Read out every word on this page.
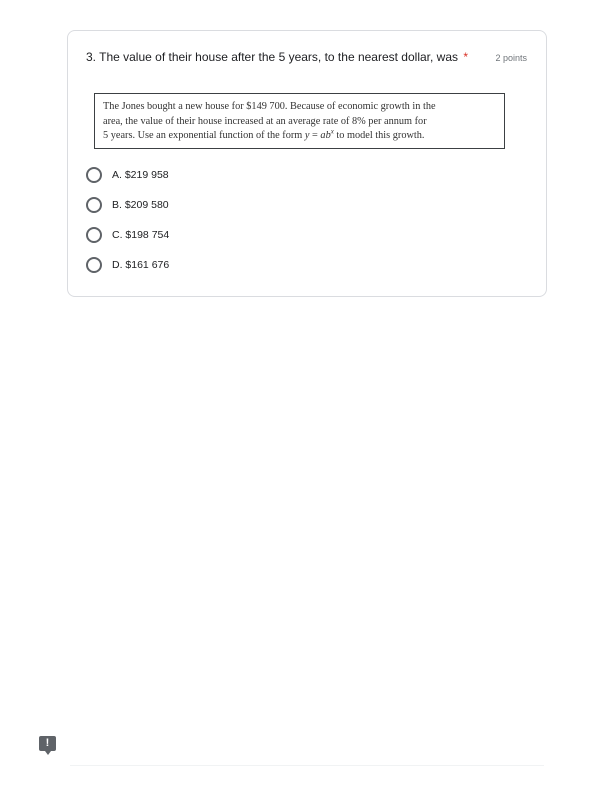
3. The value of their house after the 5 years, to the nearest dollar, was *	2 points
The Jones bought a new house for $149 700. Because of economic growth in the
area, the value of their house increased at an average rate of 8% per annum for
5 years. Use an exponential function of the form $y = ab^x$ to model this growth.
A. $219 958
B. $209 580
C. $198 754
D. $161 676
!
